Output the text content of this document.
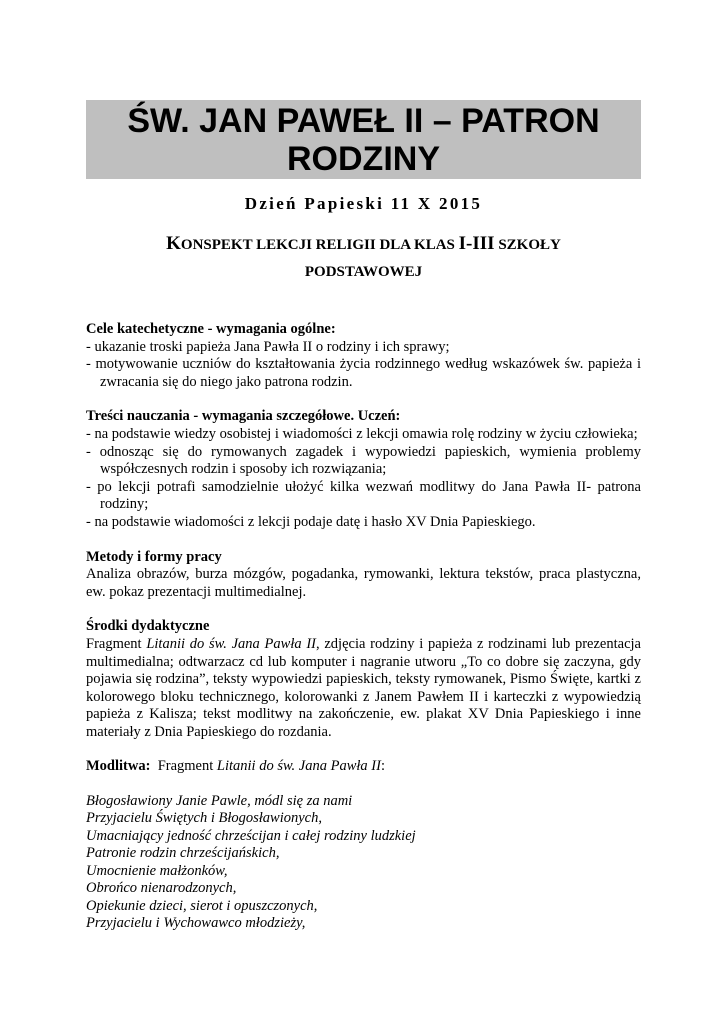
ŚW. JAN PAWEŁ II – PATRON
RODZINY
Dzień Papieski 11 X 2015
KONSPEKT LEKCJI RELIGII DLA KLAS I-III SZKOŁY
PODSTAWOWEJ

Cele katechetyczne - wymagania ogólne:

- ukazanie troski papieża Jana Pawła II o rodziny i ich sprawy;

- motywowanie uczniów do kształtowania życia rodzinnego według wskazówek św. papieża i zwracania się do niego jako patrona rodzin.

Treści nauczania - wymagania szczegółowe. Uczeń:

- na podstawie wiedzy osobistej i wiadomości z lekcji omawia rolę rodziny w życiu człowieka;

- odnosząc się do rymowanych zagadek i wypowiedzi papieskich, wymienia problemy współczesnych rodzin i sposoby ich rozwiązania;

- po lekcji potrafi samodzielnie ułożyć kilka wezwań modlitwy do Jana Pawła II- patrona rodziny;

- na podstawie wiadomości z lekcji podaje datę i hasło XV Dnia Papieskiego.

Metody i formy pracy

Analiza obrazów, burza mózgów, pogadanka, rymowanki, lektura tekstów, praca plastyczna, ew. pokaz prezentacji multimedialnej.

Środki dydaktyczne

Fragment Litanii do św. Jana Pawła II, zdjęcia rodziny i papieża z rodzinami lub prezentacja multimedialna; odtwarzacz cd lub komputer i nagranie utworu „To co dobre się zaczyna, gdy pojawia się rodzina”, teksty wypowiedzi papieskich, teksty rymowanek, Pismo Święte, kartki z kolorowego bloku technicznego, kolorowanki z Janem Pawłem II i karteczki z wypowiedzią papieża z Kalisza; tekst modlitwy na zakończenie, ew. plakat XV Dnia Papieskiego i inne materiały z Dnia Papieskiego do rozdania.

Modlitwa:  Fragment Litanii do św. Jana Pawła II:

Błogosławiony Janie Pawle, módl się za nami
Przyjacielu Świętych i Błogosławionych,
Umacniający jedność chrześcijan i całej rodziny ludzkiej
Patronie rodzin chrześcijańskich,
Umocnienie małżonków,
Obrońco nienarodzonych,
Opiekunie dzieci, sierot i opuszczonych,
Przyjacielu i Wychowawco młodzieży,
